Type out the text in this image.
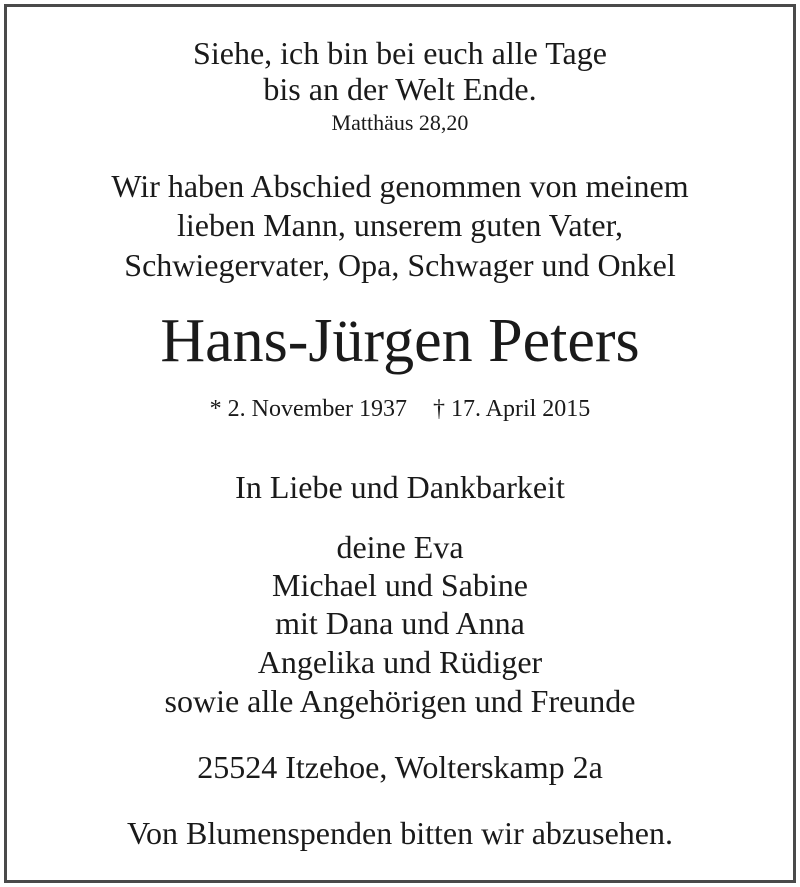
Siehe, ich bin bei euch alle Tage

bis an der Welt Ende.

Matthäus 28,20

Wir haben Abschied genommen von meinem

lieben Mann, unserem guten Vater,

Schwiegervater, Opa, Schwager und Onkel

Hans-Jürgen Peters

* 2. November 1937 † 17. April 2015

In Liebe und Dankbarkeit

deine Eva

Michael und Sabine

mit Dana und Anna

Angelika und Rüdiger

sowie alle Angehörigen und Freunde

25524 Itzehoe, Wolterskamp 2a

Von Blumenspenden bitten wir abzusehen.
